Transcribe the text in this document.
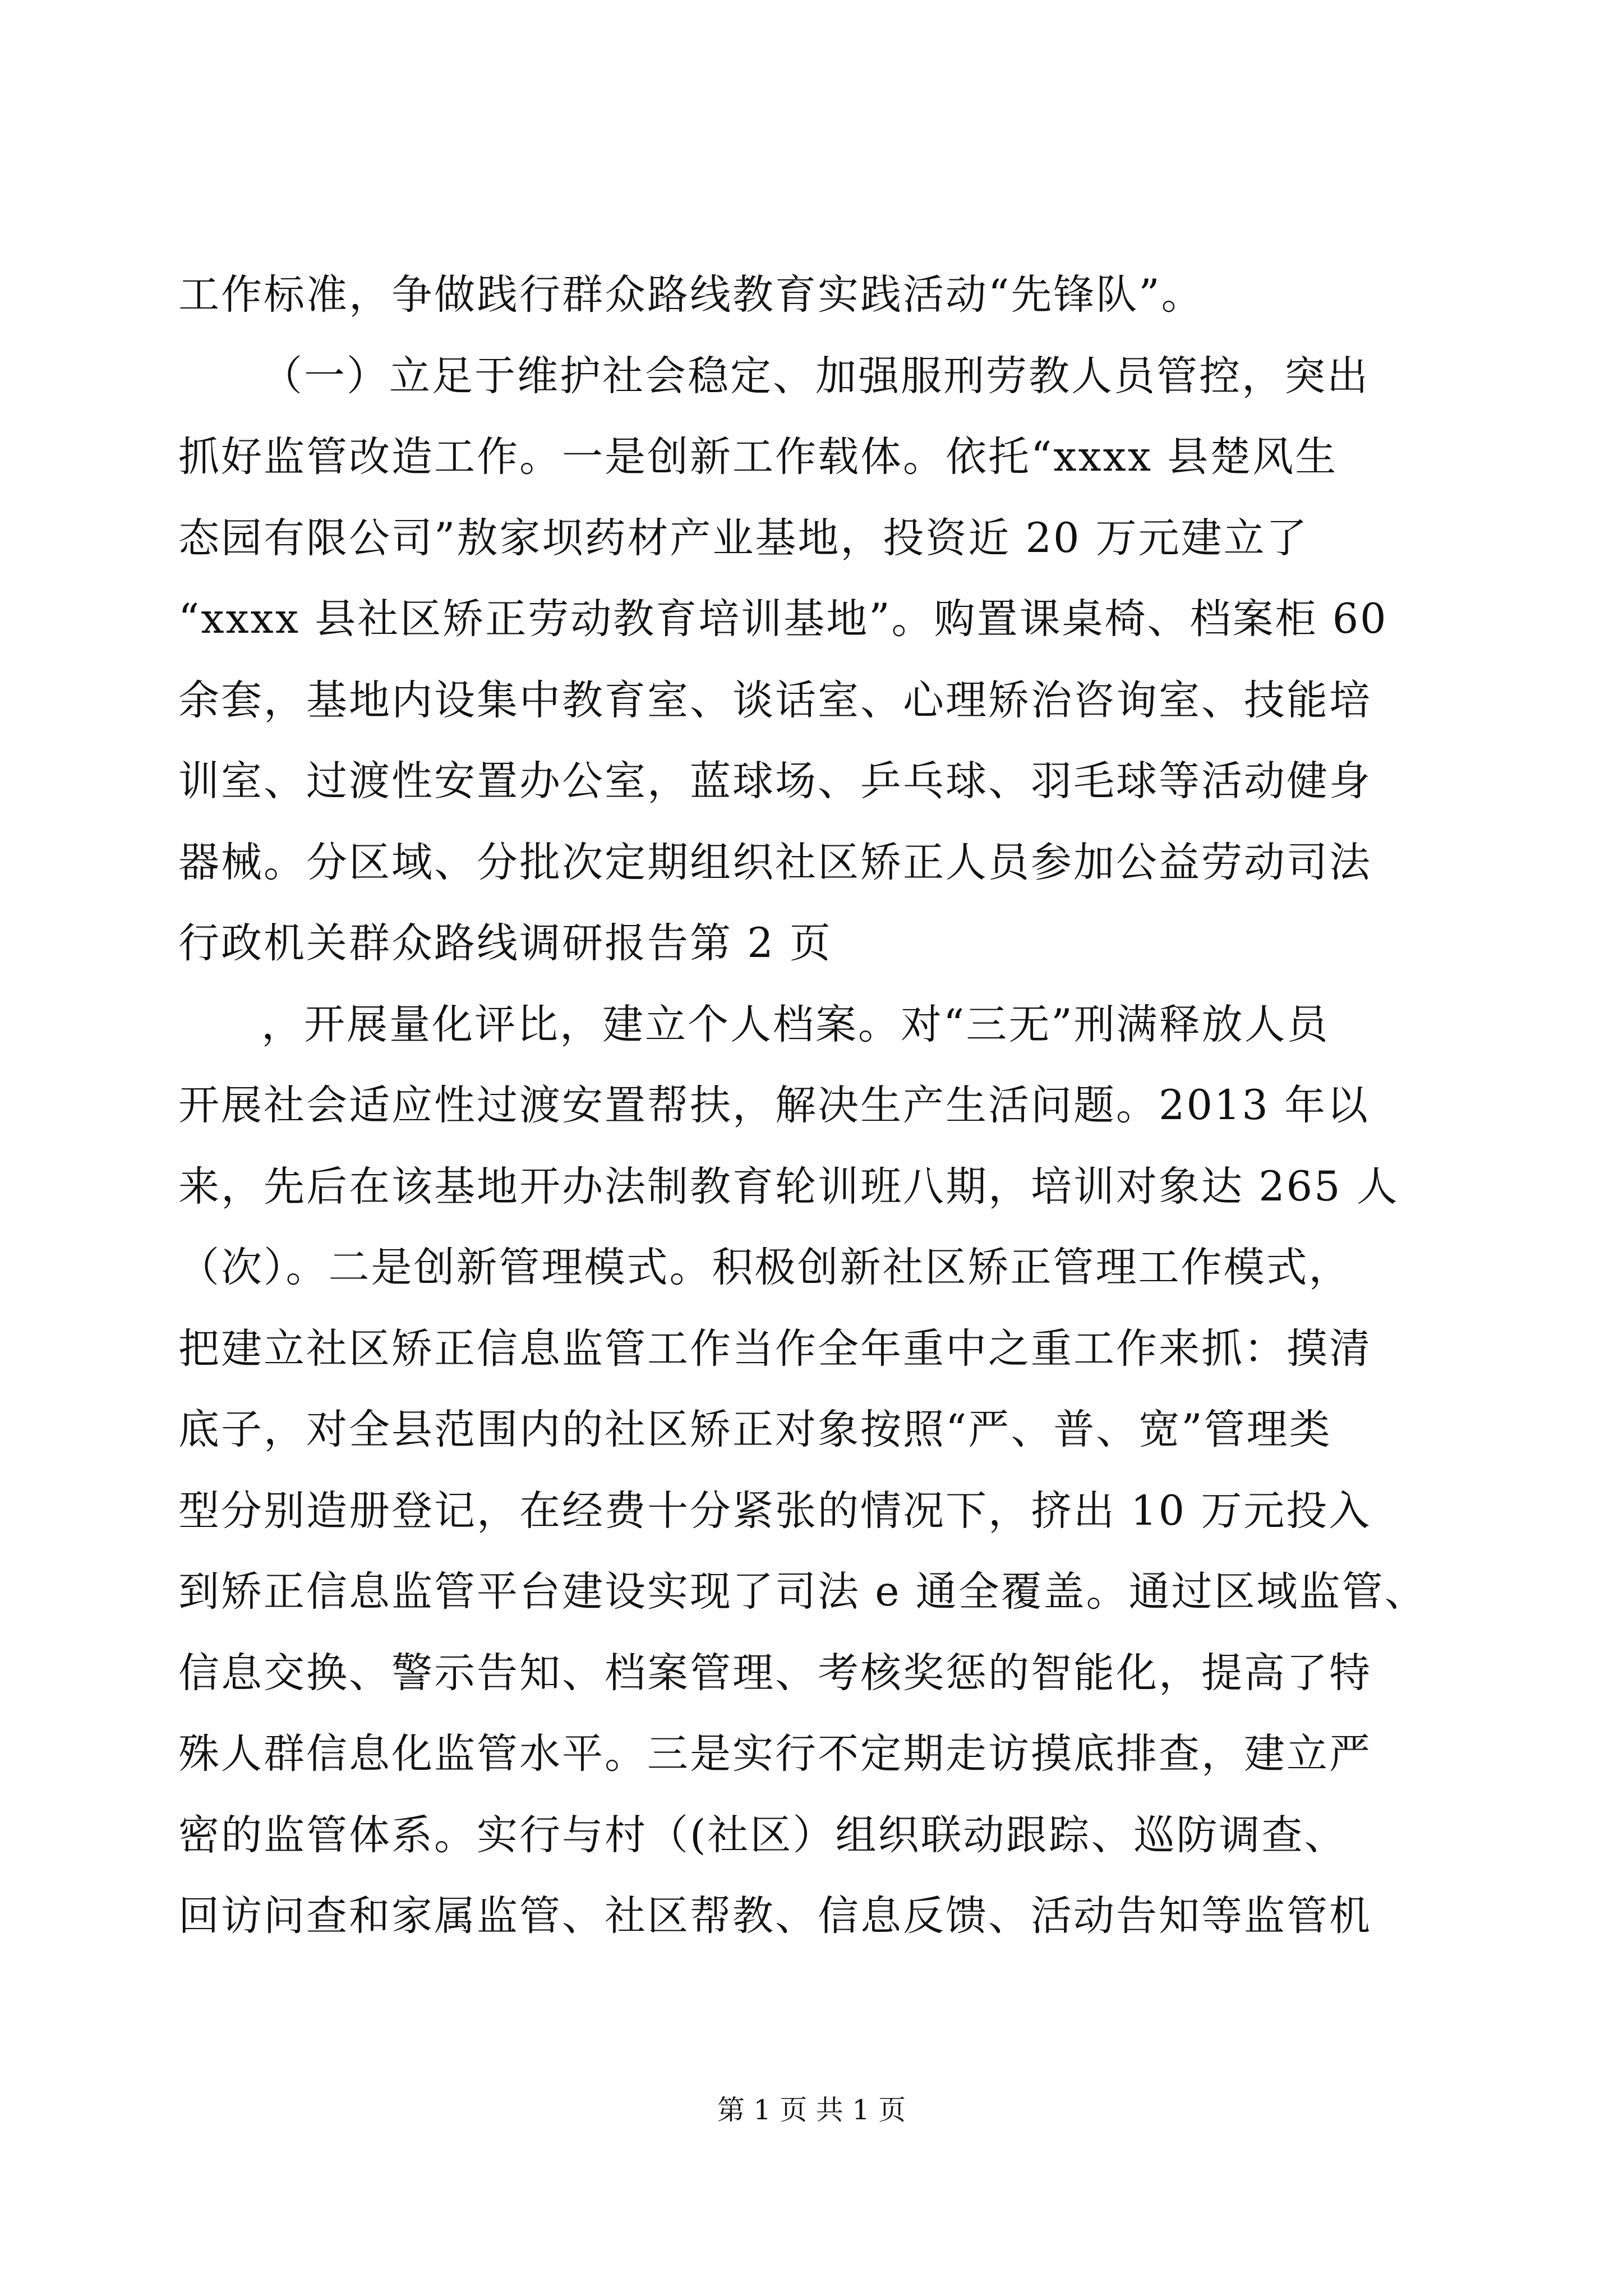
工作标准，争做践行群众路线教育实践活动“先锋队”。
（一）立足于维护社会稳定、加强服刑劳教人员管控，突出
抓好监管改造工作。一是创新工作载体。依托“xxxx 县楚风生
态园有限公司”敖家坝药材产业基地，投资近 20 万元建立了
“xxxx 县社区矫正劳动教育培训基地”。购置课桌椅、档案柜 60
余套，基地内设集中教育室、谈话室、心理矫治咨询室、技能培
训室、过渡性安置办公室，蓝球场、乒乓球、羽毛球等活动健身
器械。分区域、分批次定期组织社区矫正人员参加公益劳动司法
行政机关群众路线调研报告第 2 页
，开展量化评比，建立个人档案。对“三无”刑满释放人员
开展社会适应性过渡安置帮扶，解决生产生活问题。2013 年以
来，先后在该基地开办法制教育轮训班八期，培训对象达 265 人
（次）。二是创新管理模式。积极创新社区矫正管理工作模式，
把建立社区矫正信息监管工作当作全年重中之重工作来抓：摸清
底子，对全县范围内的社区矫正对象按照“严、普、宽”管理类
型分别造册登记，在经费十分紧张的情况下，挤出 10 万元投入
到矫正信息监管平台建设实现了司法 e 通全覆盖。通过区域监管、
信息交换、警示告知、档案管理、考核奖惩的智能化，提高了特
殊人群信息化监管水平。三是实行不定期走访摸底排查，建立严
密的监管体系。实行与村（(社区）组织联动跟踪、巡防调查、
回访问查和家属监管、社区帮教、信息反馈、活动告知等监管机
第 1 页 共 1 页
